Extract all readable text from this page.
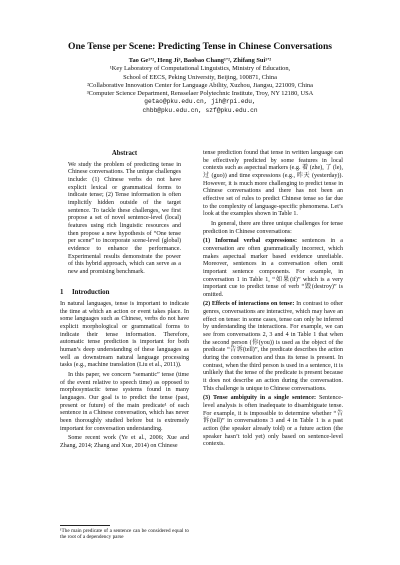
One Tense per Scene: Predicting Tense in Chinese Conversations
Tao Ge¹ʼ², Heng Ji³, Baobao Chang¹ʼ², Zhifang Sui¹ʼ²
¹Key Laboratory of Computational Linguistics, Ministry of Education,
School of EECS, Peking University, Beijing, 100871, China
²Collaborative Innovation Center for Language Ability, Xuzhou, Jiangsu, 221009, China
³Computer Science Department, Rensselaer Polytechnic Institute, Troy, NY 12180, USA
getao@pku.edu.cn, jih@rpi.edu,
chbb@pku.edu.cn, szf@pku.edu.cn
Abstract

We study the problem of predicting tense in Chinese conversations. The unique challenges include: (1) Chinese verbs do not have explicit lexical or grammatical forms to indicate tense; (2) Tense information is often implicitly hidden outside of the target sentence. To tackle these challenges, we first propose a set of novel sentence-level (local) features using rich linguistic resources and then propose a new hypothesis of “One tense per scene” to incorporate scene-level (global) evidence to enhance the performance. Experimental results demonstrate the power of this hybrid approach, which can serve as a new and promising benchmark.

1 Introduction

In natural languages, tense is important to indicate the time at which an action or event takes place. In some languages such as Chinese, verbs do not have explicit morphological or grammatical forms to indicate their tense information. Therefore, automatic tense prediction is important for both human’s deep understanding of these languages as well as downstream natural language processing tasks (e.g., machine translation (Liu et al., 2011)).

In this paper, we concern “semantic” tense (time of the event relative to speech time) as opposed to morphosyntactic tense systems found in many languages. Our goal is to predict the tense (past, present or future) of the main predicate¹ of each sentence in a Chinese conversation, which has never been thoroughly studied before but is extremely important for conversation understanding.

Some recent work (Ye et al., 2006; Xue and Zhang, 2014; Zhang and Xue, 2014) on Chinese

¹The main predicate of a sentence can be considered equal to the root of a dependency parse

tense prediction found that tense in written language can be effectively predicted by some features in local contexts such as aspectual markers (e.g. 着 (zhe), 了 (le), 过 (guo)) and time expressions (e.g., 昨天 (yesterday)). However, it is much more challenging to predict tense in Chinese conversations and there has not been an effective set of rules to predict Chinese tense so far due to the complexity of language-specific phenomena. Let’s look at the examples shown in Table 1.

In general, there are three unique challenges for tense prediction in Chinese conversations:

(1) Informal verbal expressions: sentences in a conversation are often grammatically incorrect, which makes aspectual marker based evidence unreliable. Moreover, sentences in a conversation often omit important sentence components. For example, in conversation 1 in Table 1, “如果(if)” which is a very important cue to predict tense of verb “毁(destroy)” is omitted.

(2) Effects of interactions on tense: In contrast to other genres, conversations are interactive, which may have an effect on tense: in some cases, tense can only be inferred by understanding the interactions. For example, we can see from conversations 2, 3 and 4 in Table 1 that when the second person (你(you)) is used as the object of the predicate “告诉(tell)”, the predicate describes the action during the conversation and thus its tense is present. In contrast, when the third person is used in a sentence, it is unlikely that the tense of the predicate is present because it does not describe an action during the conversation. This challenge is unique to Chinese conversations.

(3) Tense ambiguity in a single sentence: Sentence-level analysis is often inadequate to disambiguate tense. For example, it is impossible to determine whether “告诉(tell)” in conversations 3 and 4 in Table 1 is a past action (the speaker already told) or a future action (the speaker hasn’t told yet) only based on sentence-level contexts.
